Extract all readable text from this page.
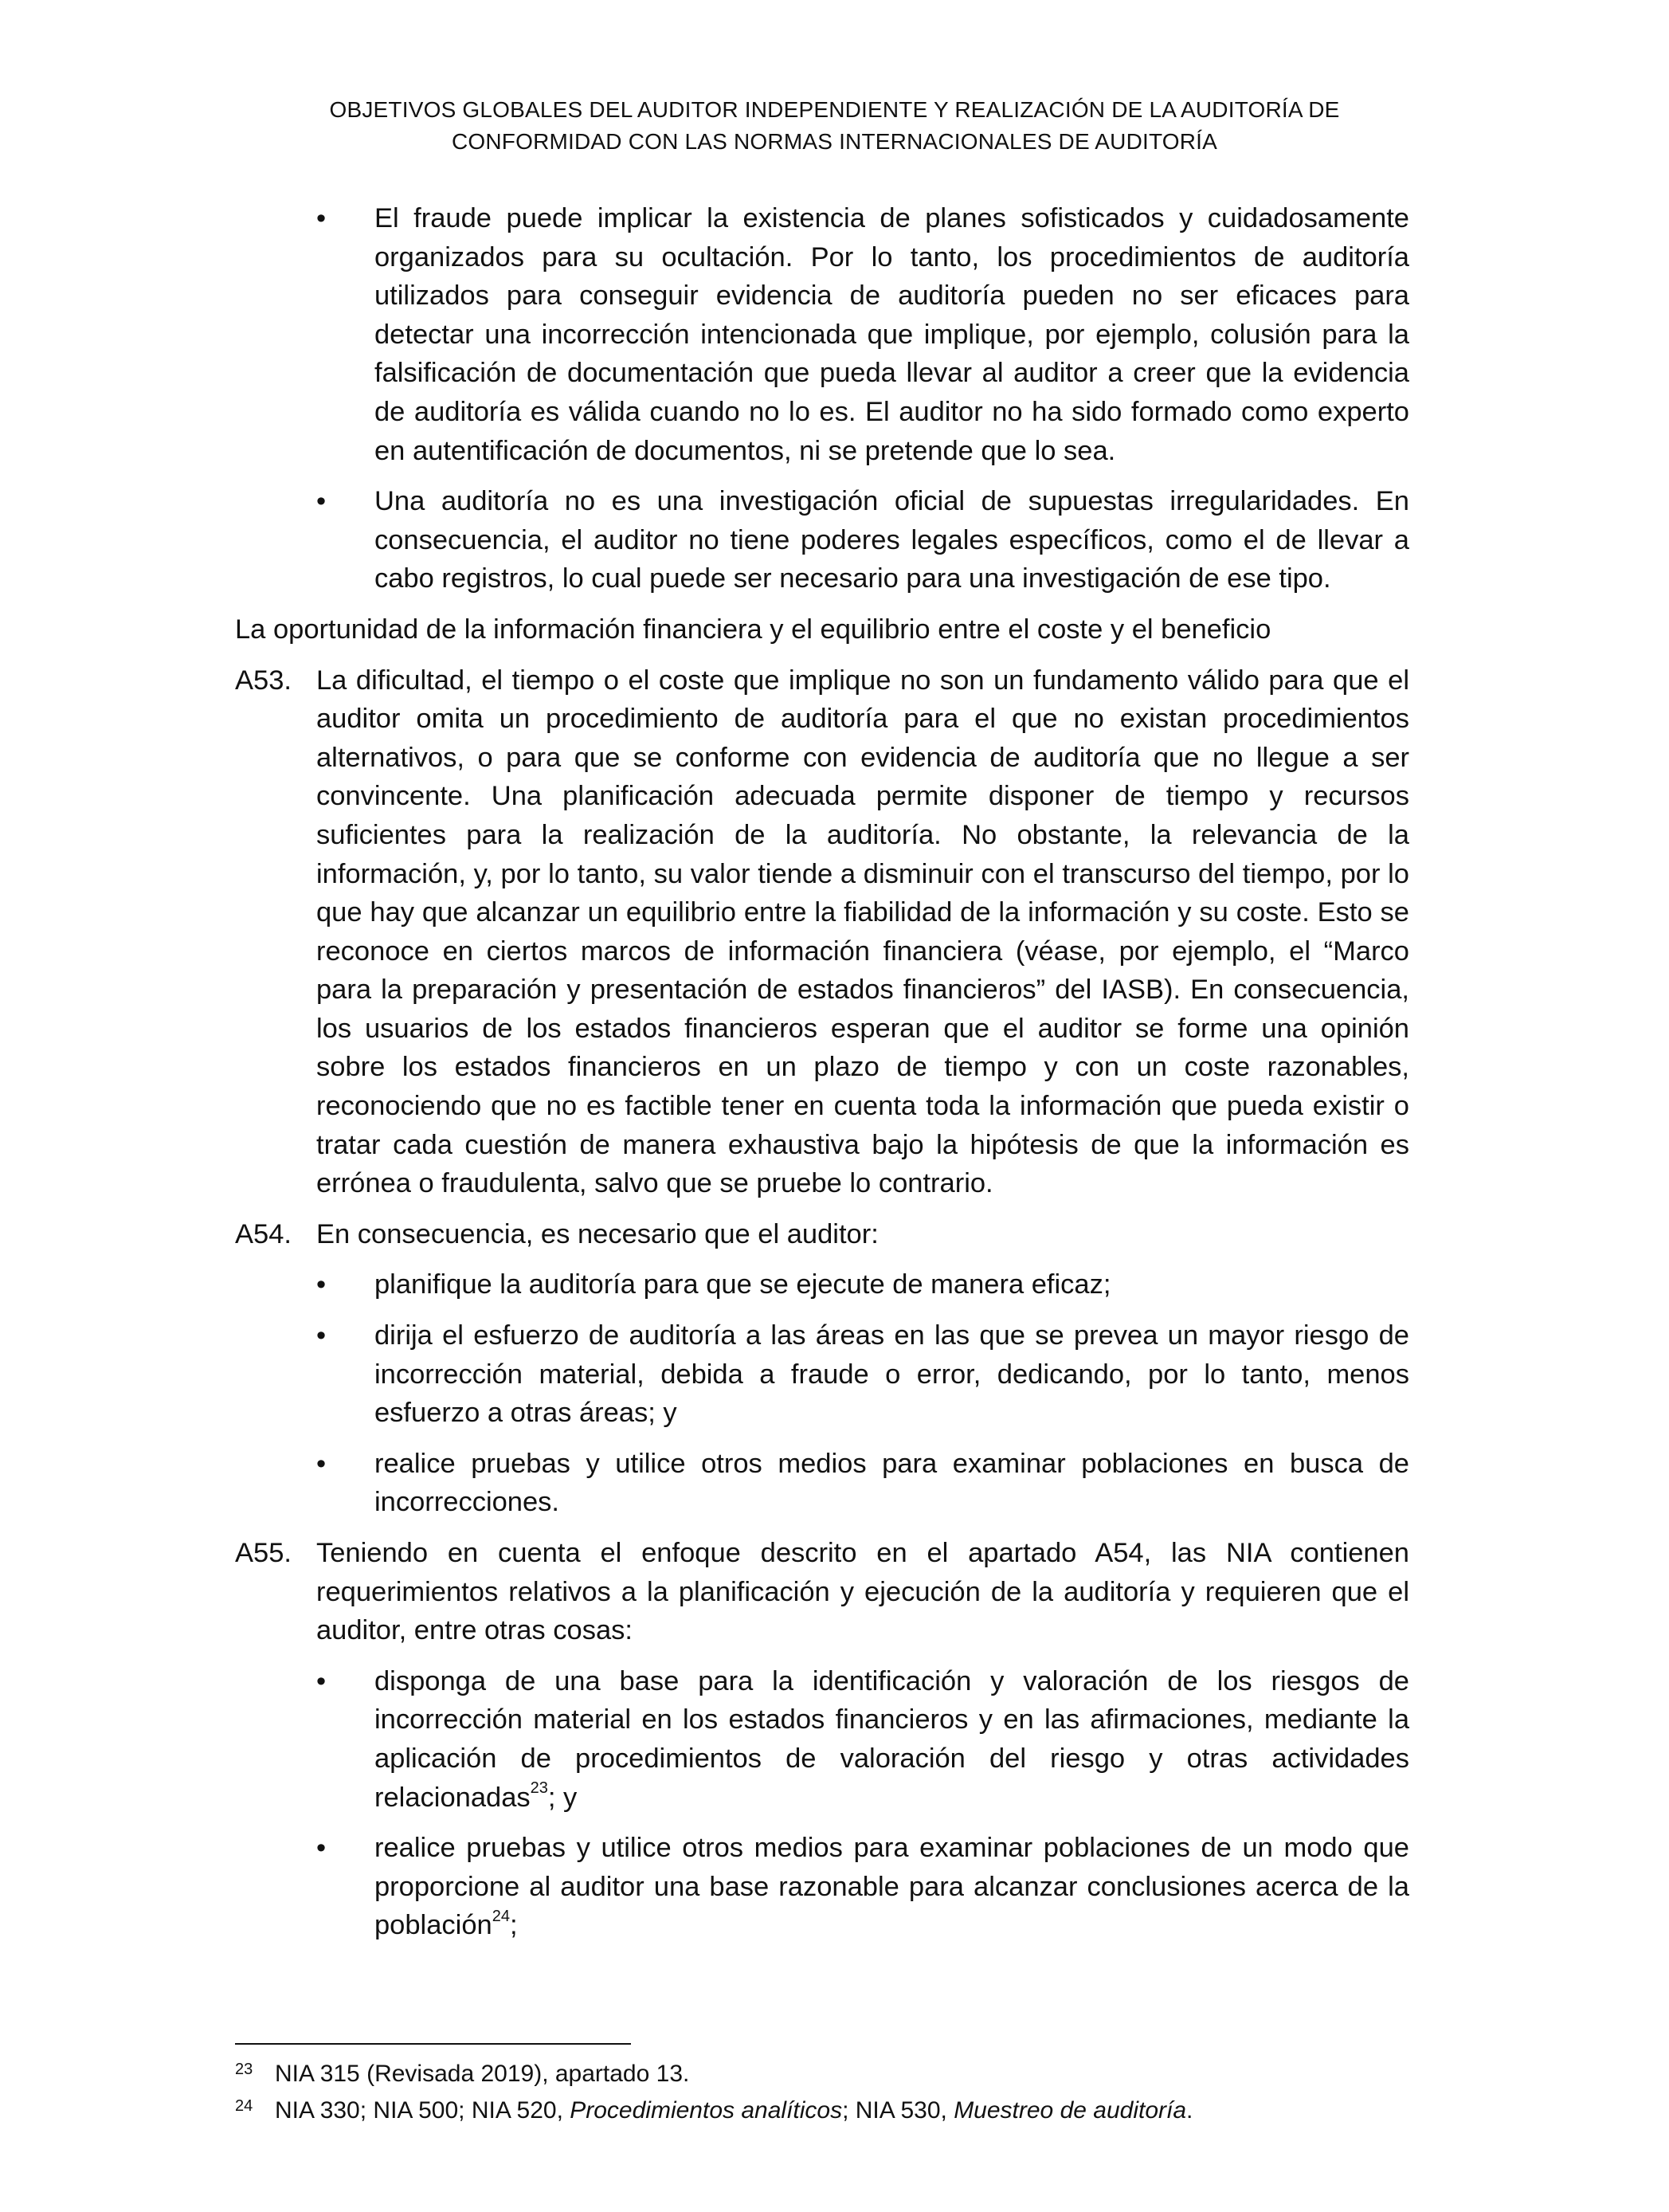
OBJETIVOS GLOBALES DEL AUDITOR INDEPENDIENTE Y REALIZACIÓN DE LA AUDITORÍA DE
CONFORMIDAD CON LAS NORMAS INTERNACIONALES DE AUDITORÍA
• El fraude puede implicar la existencia de planes sofisticados y cuidadosamente organizados para su ocultación. Por lo tanto, los procedimientos de auditoría utilizados para conseguir evidencia de auditoría pueden no ser eficaces para detectar una incorrección intencionada que implique, por ejemplo, colusión para la falsificación de documentación que pueda llevar al auditor a creer que la evidencia de auditoría es válida cuando no lo es. El auditor no ha sido formado como experto en autentificación de documentos, ni se pretende que lo sea.
• Una auditoría no es una investigación oficial de supuestas irregularidades. En consecuencia, el auditor no tiene poderes legales específicos, como el de llevar a cabo registros, lo cual puede ser necesario para una investigación de ese tipo.
La oportunidad de la información financiera y el equilibrio entre el coste y el beneficio
A53. La dificultad, el tiempo o el coste que implique no son un fundamento válido para que el auditor omita un procedimiento de auditoría para el que no existan procedimientos alternativos, o para que se conforme con evidencia de auditoría que no llegue a ser convincente. Una planificación adecuada permite disponer de tiempo y recursos suficientes para la realización de la auditoría. No obstante, la relevancia de la información, y, por lo tanto, su valor tiende a disminuir con el transcurso del tiempo, por lo que hay que alcanzar un equilibrio entre la fiabilidad de la información y su coste. Esto se reconoce en ciertos marcos de información financiera (véase, por ejemplo, el “Marco para la preparación y presentación de estados financieros” del IASB). En consecuencia, los usuarios de los estados financieros esperan que el auditor se forme una opinión sobre los estados financieros en un plazo de tiempo y con un coste razonables, reconociendo que no es factible tener en cuenta toda la información que pueda existir o tratar cada cuestión de manera exhaustiva bajo la hipótesis de que la información es errónea o fraudulenta, salvo que se pruebe lo contrario.
A54. En consecuencia, es necesario que el auditor:
• planifique la auditoría para que se ejecute de manera eficaz;
• dirija el esfuerzo de auditoría a las áreas en las que se prevea un mayor riesgo de incorrección material, debida a fraude o error, dedicando, por lo tanto, menos esfuerzo a otras áreas; y
• realice pruebas y utilice otros medios para examinar poblaciones en busca de incorrecciones.
A55. Teniendo en cuenta el enfoque descrito en el apartado A54, las NIA contienen requerimientos relativos a la planificación y ejecución de la auditoría y requieren que el auditor, entre otras cosas:
• disponga de una base para la identificación y valoración de los riesgos de incorrección material en los estados financieros y en las afirmaciones, mediante la aplicación de procedimientos de valoración del riesgo y otras actividades relacionadas$^{23}$; y
• realice pruebas y utilice otros medios para examinar poblaciones de un modo que proporcione al auditor una base razonable para alcanzar conclusiones acerca de la población$^{24}$;
23 NIA 315 (Revisada 2019), apartado 13.
24 NIA 330; NIA 500; NIA 520, Procedimientos analíticos; NIA 530, Muestreo de auditoría.
